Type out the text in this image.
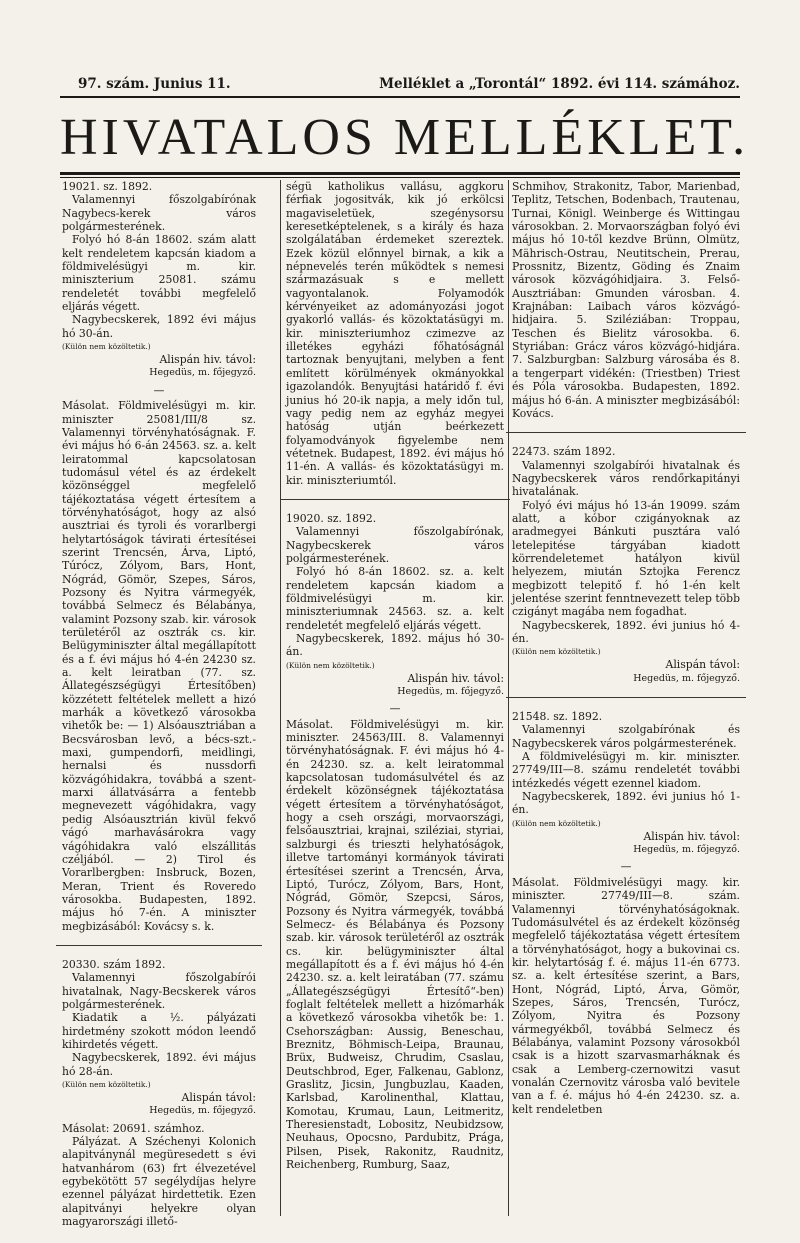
97. szám. Junius 11.	Melléklet a „Torontál“ 1892. évi 114. számához.
HIVATALOS MELLÉKLET.

19021. sz. 1892.

Valamennyi főszolgabírónak Nagybecs-kerek város polgármesterének.

Folyó hó 8-án 18602. szám alatt kelt rendeletem kapcsán kiadom a földmivelésügyi m. kir. miniszterium 25081. számu rendeletét további megfelelő eljárás végett.

Nagybecskerek, 1892 évi május hó 30-án.

(Külön nem közöltetik.)

Alispán hiv. távol:

Hegedüs, m. főjegyző.

—

Másolat. Földmivelésügyi m. kir. miniszter 25081/III/8 sz. Valamennyi törvényhatóságnak. F. évi május hó 6-án 24563. sz. a. kelt leiratommal kapcsolatosan tudomásul vétel és az érdekelt közönséggel megfelelő tájékoztatása végett értesítem a törvényhatóságot, hogy az alsó ausztriai és tyroli és vorarlbergi helytartóságok távirati értesítései szerint Trencsén, Árva, Liptó, Túrócz, Zólyom, Bars, Hont, Nógrád, Gömör, Szepes, Sáros, Pozsony és Nyitra vármegyék, továbbá Selmecz és Bélabánya, valamint Pozsony szab. kir. városok területéről az osztrák cs. kir. Belügyminiszter által megállapított és a f. évi május hó 4-én 24230 sz. a. kelt leiratban (77. sz. Állategészségügyi Értesítőben) közzétett feltételek mellett a hizó marhák a következő városokba vihetők be: — 1) Alsóausztriában a Becsvárosban levő, a bécs-szt.-maxi, gumpendorfi, meidlingi, hernalsi és nussdorfi közvágóhidakra, továbbá a szent-marxi állatvásárra a fentebb megnevezett vágóhidakra, vagy pedig Alsóausztrián kivül fekvő vágó marhavásárokra vagy vágóhidakra való elszállitás czéljából. — 2) Tirol és Vorarlbergben: Insbruck, Bozen, Meran, Trient és Roveredo városokba. Budapesten, 1892. május hó 7-én. A miniszter megbizásából: Kovácsy s. k.

20330. szám 1892.

Valamennyi főszolgabírói hivatalnak, Nagy-Becskerek város polgármesterének.

Kiadatik a ½. pályázati hirdetmény szokott módon leendő kihirdetés végett.

Nagybecskerek, 1892. évi május hó 28-án.

(Külön nem közöltetik.)

Alispán távol:

Hegedüs, m. főjegyző.

Másolat: 20691. számhoz.

Pályázat. A Széchenyi Kolonich alapitványnál megüresedett s évi hatvanhárom (63) frt élvezetével egybekötött 57 segélydíjas helyre ezennel pályázat hirdettetik. Ezen alapitványi helyekre olyan magyarországi illető-

ségü katholikus vallásu, aggkoru férfiak jogositvák, kik jó erkölcsi magaviseletüek, szegénysorsu keresetképtelenek, s a király és haza szolgálatában érdemeket szereztek. Ezek közül előnnyel birnak, a kik a népnevelés terén működtek s nemesi származásuak s e mellett vagyontalanok. Folyamodók kérvényeiket az adományozási jogot gyakorló vallás- és közoktatásügyi m. kir. miniszteriumhoz czimezve az illetékes egyházi főhatóságnál tartoznak benyujtani, melyben a fent említett körülmények okmányokkal igazolandók. Benyujtási határidő f. évi junius hó 20-ik napja, a mely időn tul, vagy pedig nem az egyház megyei hatóság utján beérkezett folyamodványok figyelembe nem vétetnek. Budapest, 1892. évi május hó 11-én. A vallás- és közoktatásügyi m. kir. miniszteriumtól.

19020. sz. 1892.

Valamennyi főszolgabírónak, Nagybecskerek város polgármesterének.

Folyó hó 8-án 18602. sz. a. kelt rendeletem kapcsán kiadom a földmivelésügyi m. kir. miniszteriumnak 24563. sz. a. kelt rendeletét megfelelő eljárás végett.

Nagybecskerek, 1892. május hó 30-án.

(Külön nem közöltetik.)

Alispán hiv. távol:

Hegedüs, m. főjegyző.

—

Másolat. Földmivelésügyi m. kir. miniszter. 24563/III. 8. Valamennyi törvényhatóságnak. F. évi május hó 4-én 24230. sz. a. kelt leiratommal kapcsolatosan tudomásulvétel és az érdekelt közönségnek tájékoztatása végett értesítem a törvényhatóságot, hogy a cseh országi, morvaországi, felsőausztriai, krajnai, sziléziai, styriai, salzburgi és trieszti helyhatóságok, illetve tartományi kormányok távirati értesítései szerint a Trencsén, Árva, Liptó, Turócz, Zólyom, Bars, Hont, Nógrád, Gömör, Szepcsi, Sáros, Pozsony és Nyitra vármegyék, továbbá Selmecz- és Bélabánya és Pozsony szab. kir. városok területéről az osztrák cs. kir. belügyminiszter által megállapított és a f. évi május hó 4-én 24230. sz. a. kelt leiratában (77. számu „Állategészségügyi Értesítő“-ben) foglalt feltételek mellett a hizómarhák a következő városokba vihetők be: 1. Csehországban: Aussig, Beneschau, Breznitz, Böhmisch-Leipa, Braunau, Brüx, Budweisz, Chrudim, Csaslau, Deutschbrod, Eger, Falkenau, Gablonz, Graslitz, Jicsin, Jungbuzlau, Kaaden, Karlsbad, Karolinenthal, Klattau, Komotau, Krumau, Laun, Leitmeritz, Theresienstadt, Lobositz, Neubidzsow, Neuhaus, Opocsno, Pardubitz, Prága, Pilsen, Pisek, Rakonitz, Raudnitz, Reichenberg, Rumburg, Saaz,

Schmihov, Strakonitz, Tabor, Marienbad, Teplitz, Tetschen, Bodenbach, Trautenau, Turnai, Königl. Weinberge és Wittingau városokban. 2. Morvaországban folyó évi május hó 10-től kezdve Brünn, Olmütz, Mährisch-Ostrau, Neutitschein, Prerau, Prossnitz, Bizentz, Göding és Znaim városok közvágóhidjaira. 3. Felső-Ausztriában: Gmunden városban. 4. Krajnában: Laibach város közvágó-hidjaira. 5. Sziléziában: Troppau, Teschen és Bielitz városokba. 6. Styriában: Grácz város közvágó-hidjára. 7. Salzburgban: Salzburg városába és 8. a tengerpart vidékén: (Triestben) Triest és Póla városokba. Budapesten, 1892. május hó 6-án. A miniszter megbizásából: Kovács.

22473. szám 1892.

Valamennyi szolgabírói hivatalnak és Nagybecskerek város rendőrkapitányi hivatalának.

Folyó évi május hó 13-án 19099. szám alatt, a kóbor czigányoknak az aradmegyei Bánkuti pusztára való letelepitése tárgyában kiadott körrendeletemet hatályon kivül helyezem, miután Sztojka Ferencz megbizott telepitő f. hó 1-én kelt jelentése szerint fenntnevezett telep több czigányt magába nem fogadhat.

Nagybecskerek, 1892. évi junius hó 4-én.

(Külön nem közöltetik.)

Alispán távol:

Hegedüs, m. főjegyző.

21548. sz. 1892.

Valamennyi szolgabírónak és Nagybecskerek város polgármesterének.

A földmivelésügyi m. kir. miniszter. 27749/III—8. számu rendeletét további intézkedés végett ezennel kiadom.

Nagybecskerek, 1892. évi junius hó 1-én.

(Külön nem közöltetik.)

Alispán hiv. távol:

Hegedüs, m. főjegyző.

—

Másolat. Földmivelésügyi magy. kir. miniszter. 27749/III—8. szám. Valamennyi törvényhatóságoknak. Tudomásulvétel és az érdekelt közönség megfelelő tájékoztatása végett értesítem a törvényhatóságot, hogy a bukovinai cs. kir. helytartóság f. é. május 11-én 6773. sz. a. kelt értesítése szerint, a Bars, Hont, Nógrád, Liptó, Árva, Gömör, Szepes, Sáros, Trencsén, Turócz, Zólyom, Nyitra és Pozsony vármegyékből, továbbá Selmecz és Bélabánya, valamint Pozsony városokból csak is a hizott szarvasmarháknak és csak a Lemberg-czernowitzi vasut vonalán Czernovitz városba való bevitele van a f. é. május hó 4-én 24230. sz. a. kelt rendeletben
